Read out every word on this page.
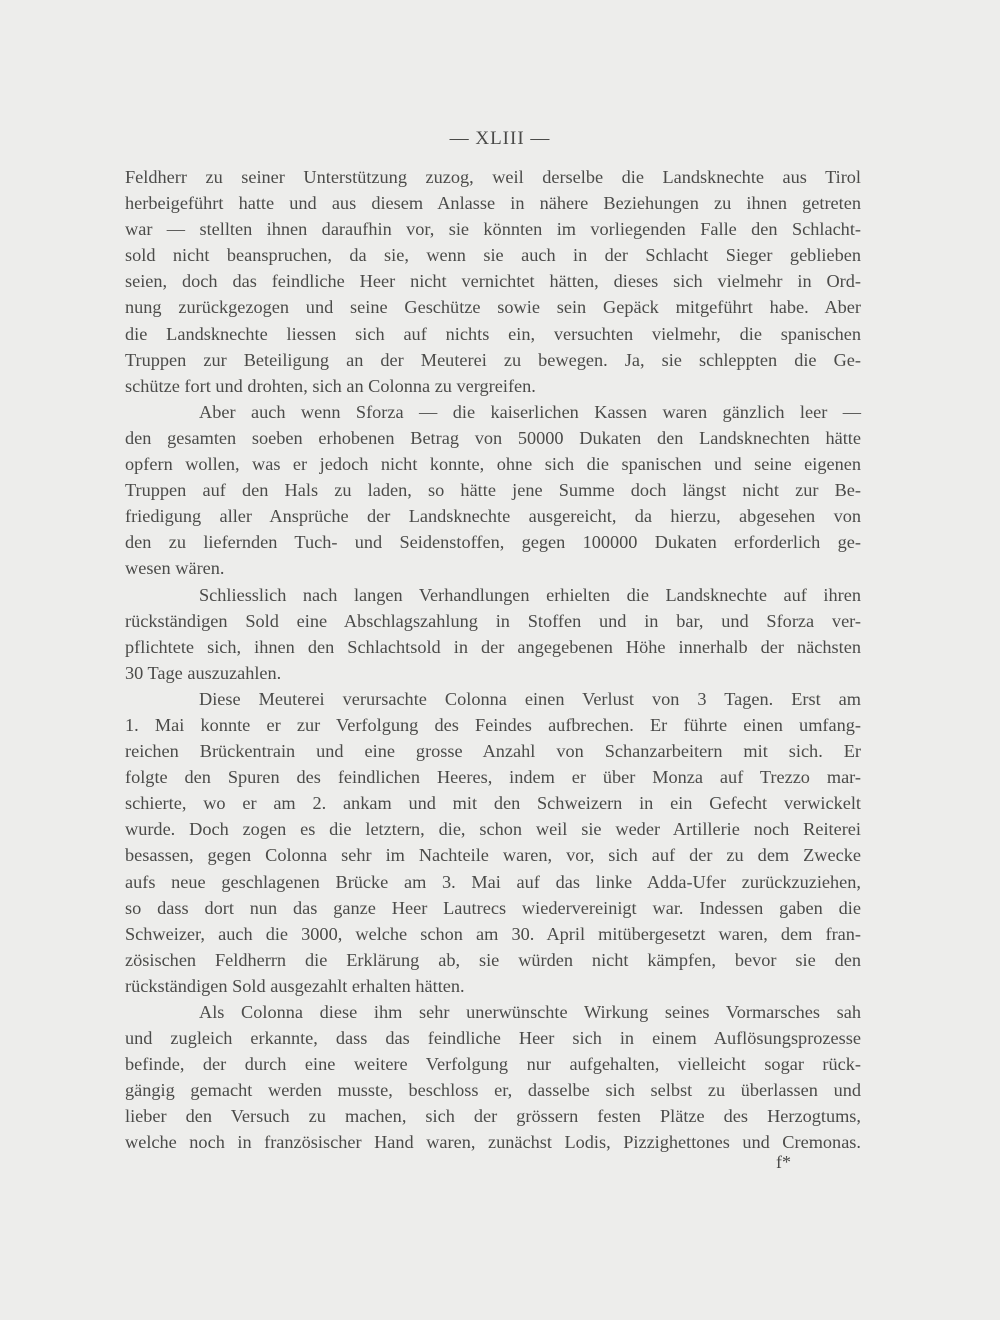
— XLIII —
Feldherr zu seiner Unterstützung zuzog, weil derselbe die Landsknechte aus Tirol
herbeigeführt hatte und aus diesem Anlasse in nähere Beziehungen zu ihnen getreten
war — stellten ihnen daraufhin vor, sie könnten im vorliegenden Falle den Schlacht-
sold nicht beanspruchen, da sie, wenn sie auch in der Schlacht Sieger geblieben
seien, doch das feindliche Heer nicht vernichtet hätten, dieses sich vielmehr in Ord-
nung zurückgezogen und seine Geschütze sowie sein Gepäck mitgeführt habe. Aber
die Landsknechte liessen sich auf nichts ein, versuchten vielmehr, die spanischen
Truppen zur Beteiligung an der Meuterei zu bewegen. Ja, sie schleppten die Ge-
schütze fort und drohten, sich an Colonna zu vergreifen.
Aber auch wenn Sforza — die kaiserlichen Kassen waren gänzlich leer —
den gesamten soeben erhobenen Betrag von 50000 Dukaten den Landsknechten hätte
opfern wollen, was er jedoch nicht konnte, ohne sich die spanischen und seine eigenen
Truppen auf den Hals zu laden, so hätte jene Summe doch längst nicht zur Be-
friedigung aller Ansprüche der Landsknechte ausgereicht, da hierzu, abgesehen von
den zu liefernden Tuch- und Seidenstoffen, gegen 100000 Dukaten erforderlich ge-
wesen wären.
Schliesslich nach langen Verhandlungen erhielten die Landsknechte auf ihren
rückständigen Sold eine Abschlagszahlung in Stoffen und in bar, und Sforza ver-
pflichtete sich, ihnen den Schlachtsold in der angegebenen Höhe innerhalb der nächsten
30 Tage auszuzahlen.
Diese Meuterei verursachte Colonna einen Verlust von 3 Tagen. Erst am
1. Mai konnte er zur Verfolgung des Feindes aufbrechen. Er führte einen umfang-
reichen Brückentrain und eine grosse Anzahl von Schanzarbeitern mit sich. Er
folgte den Spuren des feindlichen Heeres, indem er über Monza auf Trezzo mar-
schierte, wo er am 2. ankam und mit den Schweizern in ein Gefecht verwickelt
wurde. Doch zogen es die letztern, die, schon weil sie weder Artillerie noch Reiterei
besassen, gegen Colonna sehr im Nachteile waren, vor, sich auf der zu dem Zwecke
aufs neue geschlagenen Brücke am 3. Mai auf das linke Adda-Ufer zurückzuziehen,
so dass dort nun das ganze Heer Lautrecs wiedervereinigt war. Indessen gaben die
Schweizer, auch die 3000, welche schon am 30. April mitübergesetzt waren, dem fran-
zösischen Feldherrn die Erklärung ab, sie würden nicht kämpfen, bevor sie den
rückständigen Sold ausgezahlt erhalten hätten.
Als Colonna diese ihm sehr unerwünschte Wirkung seines Vormarsches sah
und zugleich erkannte, dass das feindliche Heer sich in einem Auflösungsprozesse
befinde, der durch eine weitere Verfolgung nur aufgehalten, vielleicht sogar rück-
gängig gemacht werden musste, beschloss er, dasselbe sich selbst zu überlassen und
lieber den Versuch zu machen, sich der grössern festen Plätze des Herzogtums,
welche noch in französischer Hand waren, zunächst Lodis, Pizzighettones und Cremonas.
f*
